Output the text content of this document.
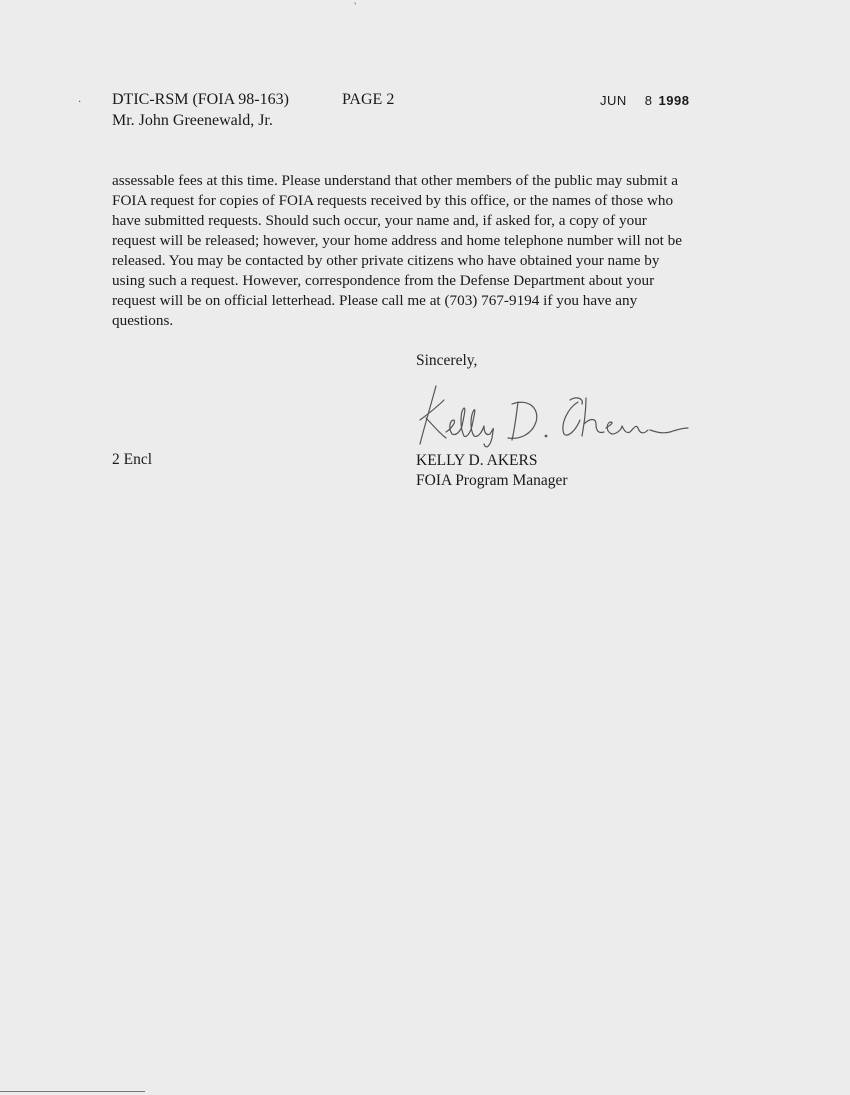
‵
· DTIC-RSM (FOIA 98-163)	PAGE 2	JUN 8 1998
Mr. John Greenewald, Jr.
assessable fees at this time. Please understand that other members of the public may submit a
FOIA request for copies of FOIA requests received by this office, or the names of those who
have submitted requests. Should such occur, your name and, if asked for, a copy of your
request will be released; however, your home address and home telephone number will not be
released. You may be contacted by other private citizens who have obtained your name by
using such a request. However, correspondence from the Defense Department about your
request will be on official letterhead. Please call me at (703) 767-9194 if you have any
questions.
Sincerely,
2 Encl	KELLY D. AKERS
FOIA Program Manager
